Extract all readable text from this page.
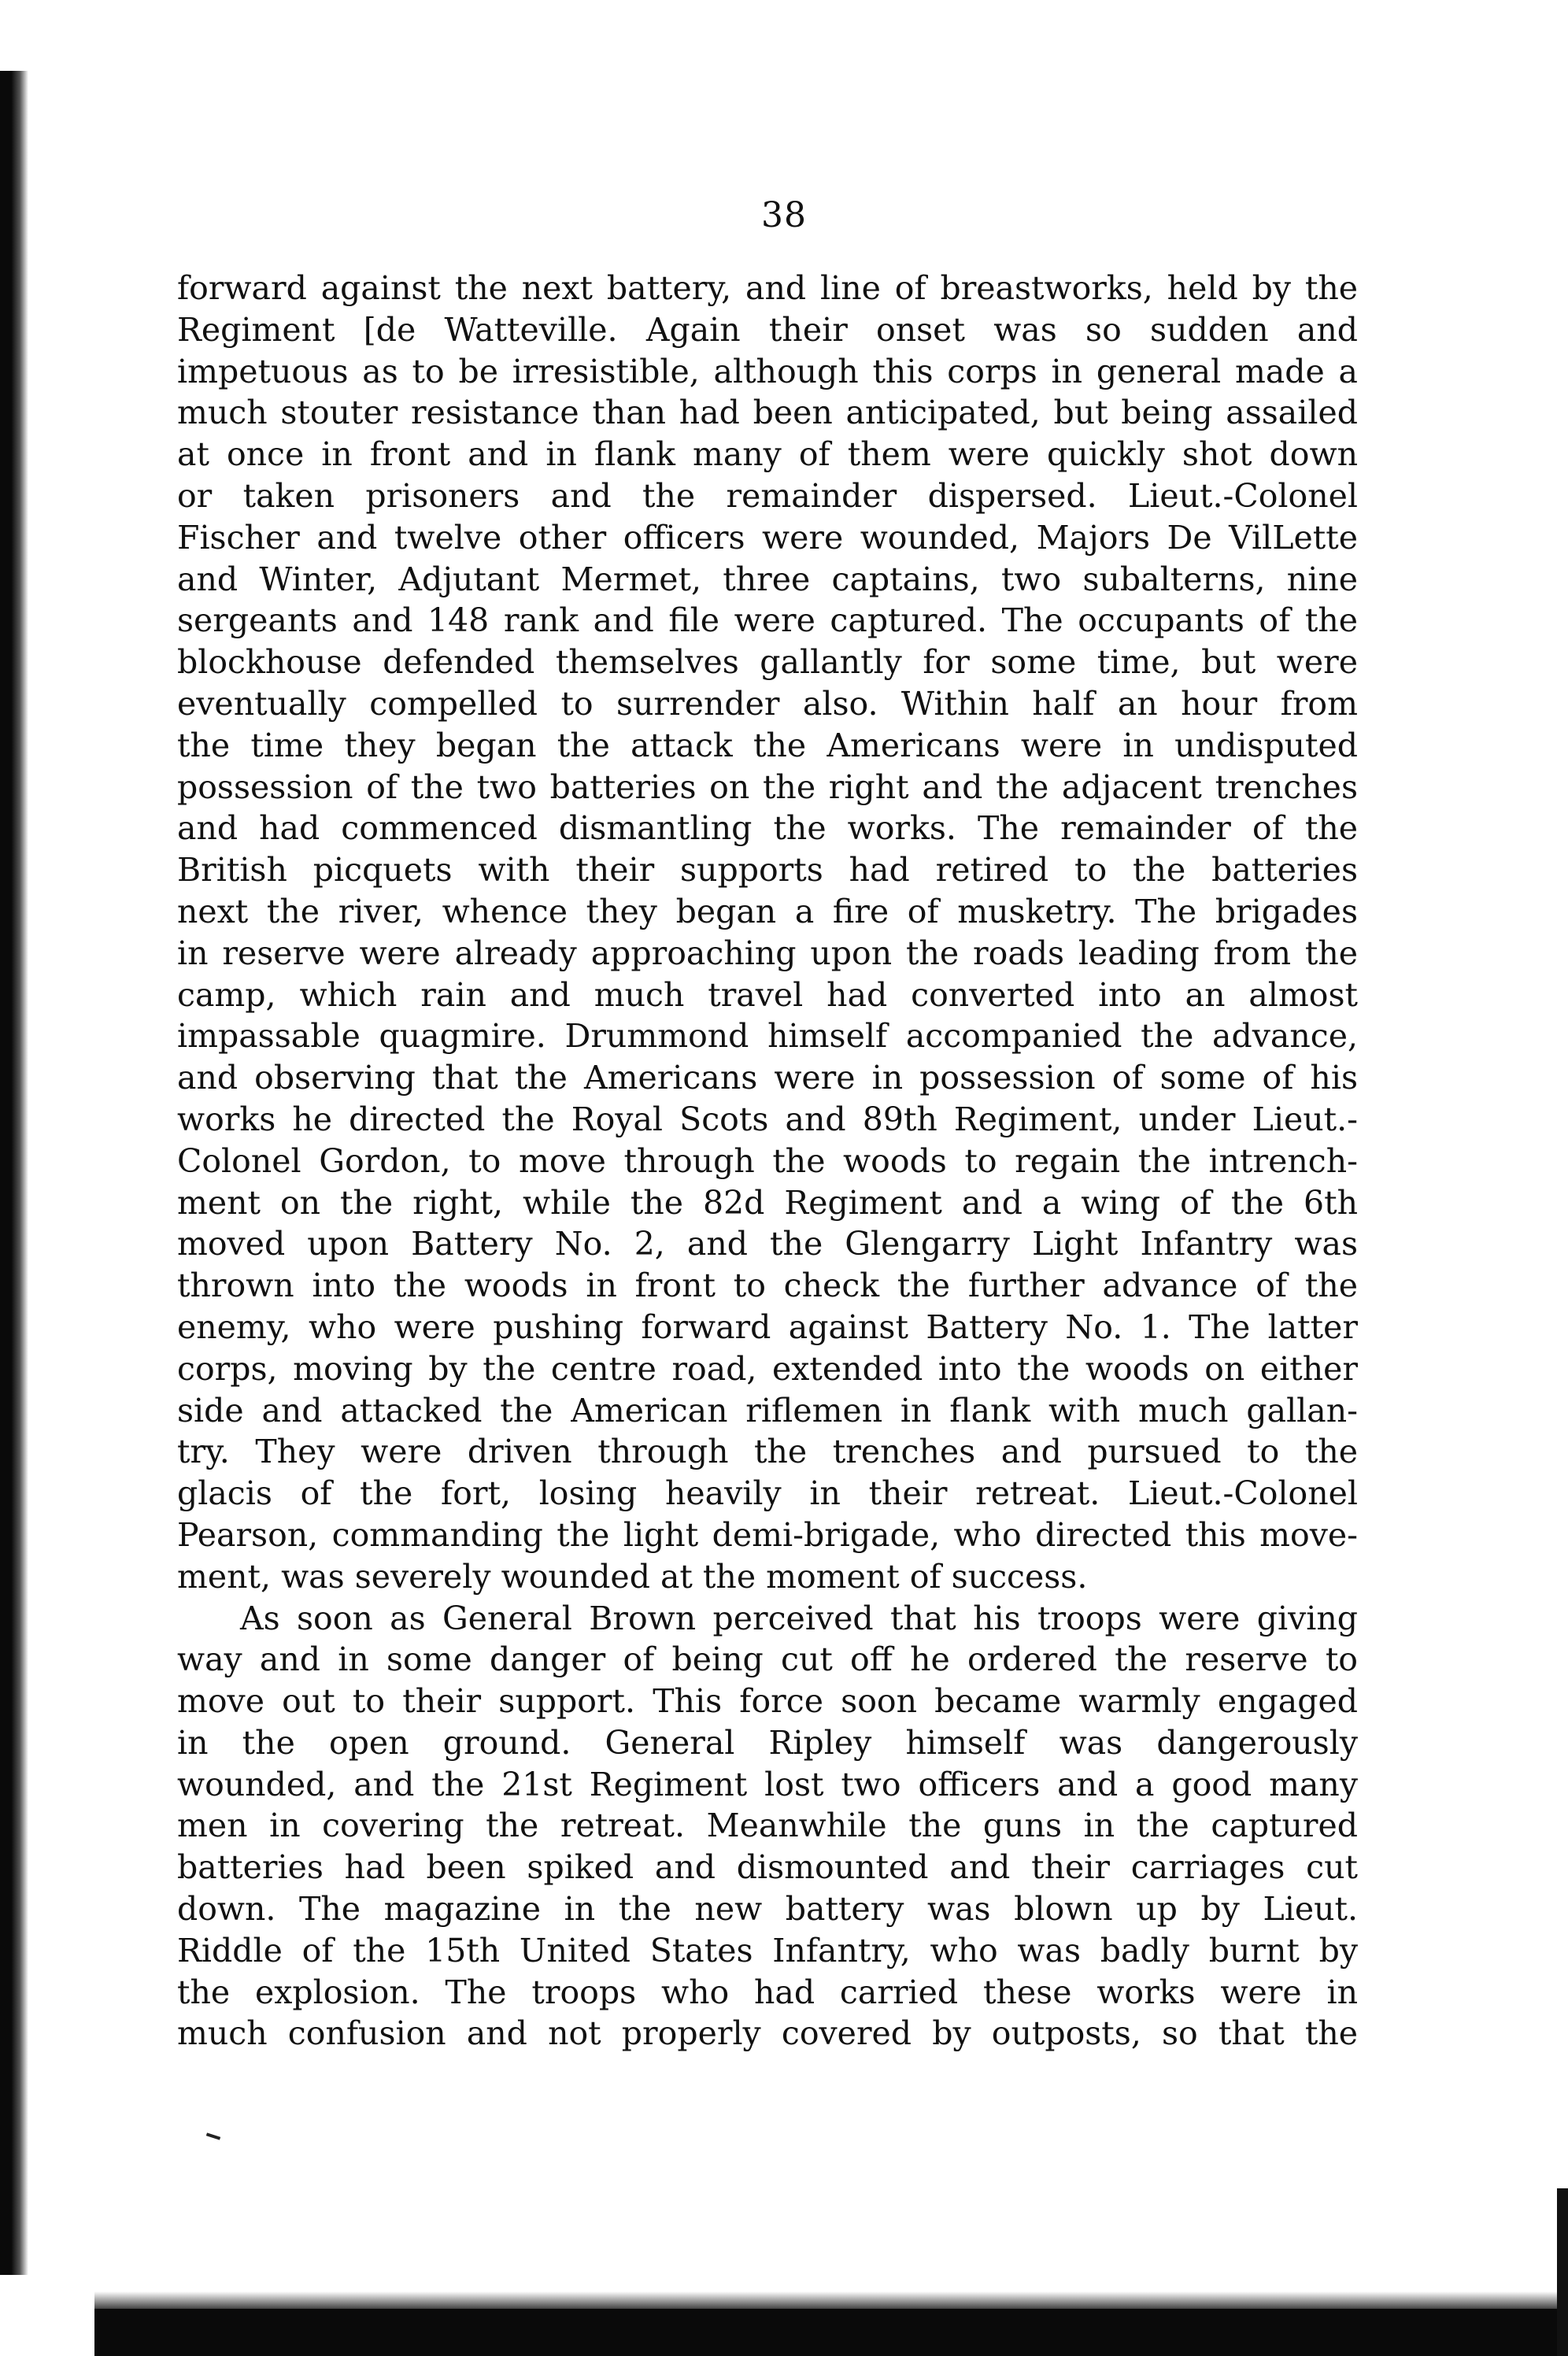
38
forward against the next battery, and line of breastworks, held by the
Regiment [de Watteville. Again their onset was so sudden and
impetuous as to be irresistible, although this corps in general made a
much stouter resistance than had been anticipated, but being assailed
at once in front and in flank many of them were quickly shot down
or taken prisoners and the remainder dispersed. Lieut.-Colonel
Fischer and twelve other officers were wounded, Majors De VilLette
and Winter, Adjutant Mermet, three captains, two subalterns, nine
sergeants and 148 rank and file were captured. The occupants of the
blockhouse defended themselves gallantly for some time, but were
eventually compelled to surrender also. Within half an hour from
the time they began the attack the Americans were in undisputed
possession of the two batteries on the right and the adjacent trenches
and had commenced dismantling the works. The remainder of the
British picquets with their supports had retired to the batteries
next the river, whence they began a fire of musketry. The brigades
in reserve were already approaching upon the roads leading from the
camp, which rain and much travel had converted into an almost
impassable quagmire. Drummond himself accompanied the advance,
and observing that the Americans were in possession of some of his
works he directed the Royal Scots and 89th Regiment, under Lieut.-
Colonel Gordon, to move through the woods to regain the intrench-
ment on the right, while the 82d Regiment and a wing of the 6th
moved upon Battery No. 2, and the Glengarry Light Infantry was
thrown into the woods in front to check the further advance of the
enemy, who were pushing forward against Battery No. 1. The latter
corps, moving by the centre road, extended into the woods on either
side and attacked the American riflemen in flank with much gallan-
try. They were driven through the trenches and pursued to the
glacis of the fort, losing heavily in their retreat. Lieut.-Colonel
Pearson, commanding the light demi-brigade, who directed this move-
ment, was severely wounded at the moment of success.
As soon as General Brown perceived that his troops were giving
way and in some danger of being cut off he ordered the reserve to
move out to their support. This force soon became warmly engaged
in the open ground. General Ripley himself was dangerously
wounded, and the 21st Regiment lost two officers and a good many
men in covering the retreat. Meanwhile the guns in the captured
batteries had been spiked and dismounted and their carriages cut
down. The magazine in the new battery was blown up by Lieut.
Riddle of the 15th United States Infantry, who was badly burnt by
the explosion. The troops who had carried these works were in
much confusion and not properly covered by outposts, so that the
